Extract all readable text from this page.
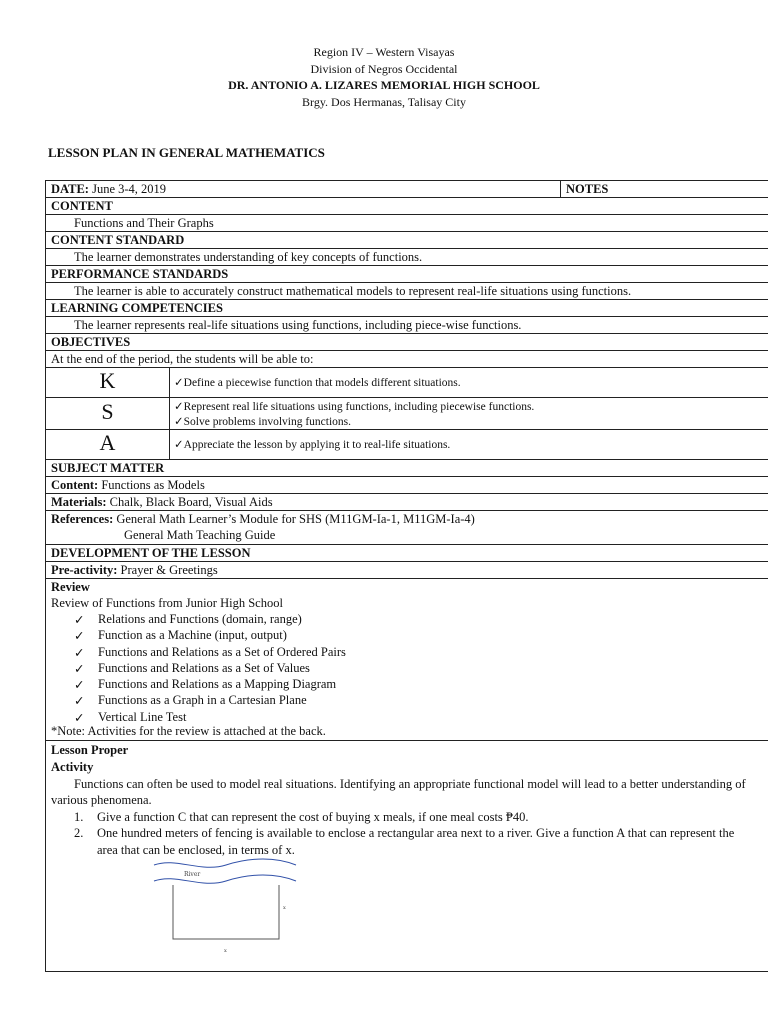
Region IV – Western Visayas
Division of Negros Occidental
DR. ANTONIO A. LIZARES MEMORIAL HIGH SCHOOL
Brgy. Dos Hermanas, Talisay City
LESSON PLAN IN GENERAL MATHEMATICS
DATE: June 3-4, 2019	NOTES
CONTENT
Functions and Their Graphs
CONTENT STANDARD
The learner demonstrates understanding of key concepts of functions.
PERFORMANCE STANDARDS
The learner is able to accurately construct mathematical models to represent real-life situations using functions.
LEARNING COMPETENCIES
The learner represents real-life situations using functions, including piece-wise functions.
OBJECTIVES
At the end of the period, the students will be able to:
K	✓Define a piecewise function that models different situations.
S	✓Represent real life situations using functions, including piecewise functions.
✓Solve problems involving functions.
A	✓Appreciate the lesson by applying it to real-life situations.
SUBJECT MATTER
Content: Functions as Models
Materials: Chalk, Black Board, Visual Aids
References: General Math Learner’s Module for SHS (M11GM-Ia-1, M11GM-Ia-4)
General Math Teaching Guide
DEVELOPMENT OF THE LESSON
Pre-activity: Prayer & Greetings
Review
Review of Functions from Junior High School
✓ Relations and Functions (domain, range)
✓ Function as a Machine (input, output)
✓ Functions and Relations as a Set of Ordered Pairs
✓ Functions and Relations as a Set of Values
✓ Functions and Relations as a Mapping Diagram
✓ Functions as a Graph in a Cartesian Plane
✓ Vertical Line Test
*Note: Activities for the review is attached at the back.
Lesson Proper
Activity
Functions can often be used to model real situations. Identifying an appropriate functional model will lead to a better understanding of various phenomena.
1. Give a function C that can represent the cost of buying x meals, if one meal costs ₱40.
2. One hundred meters of fencing is available to enclose a rectangular area next to a river. Give a function A that can represent the area that can be enclosed, in terms of x.
River
x
x
